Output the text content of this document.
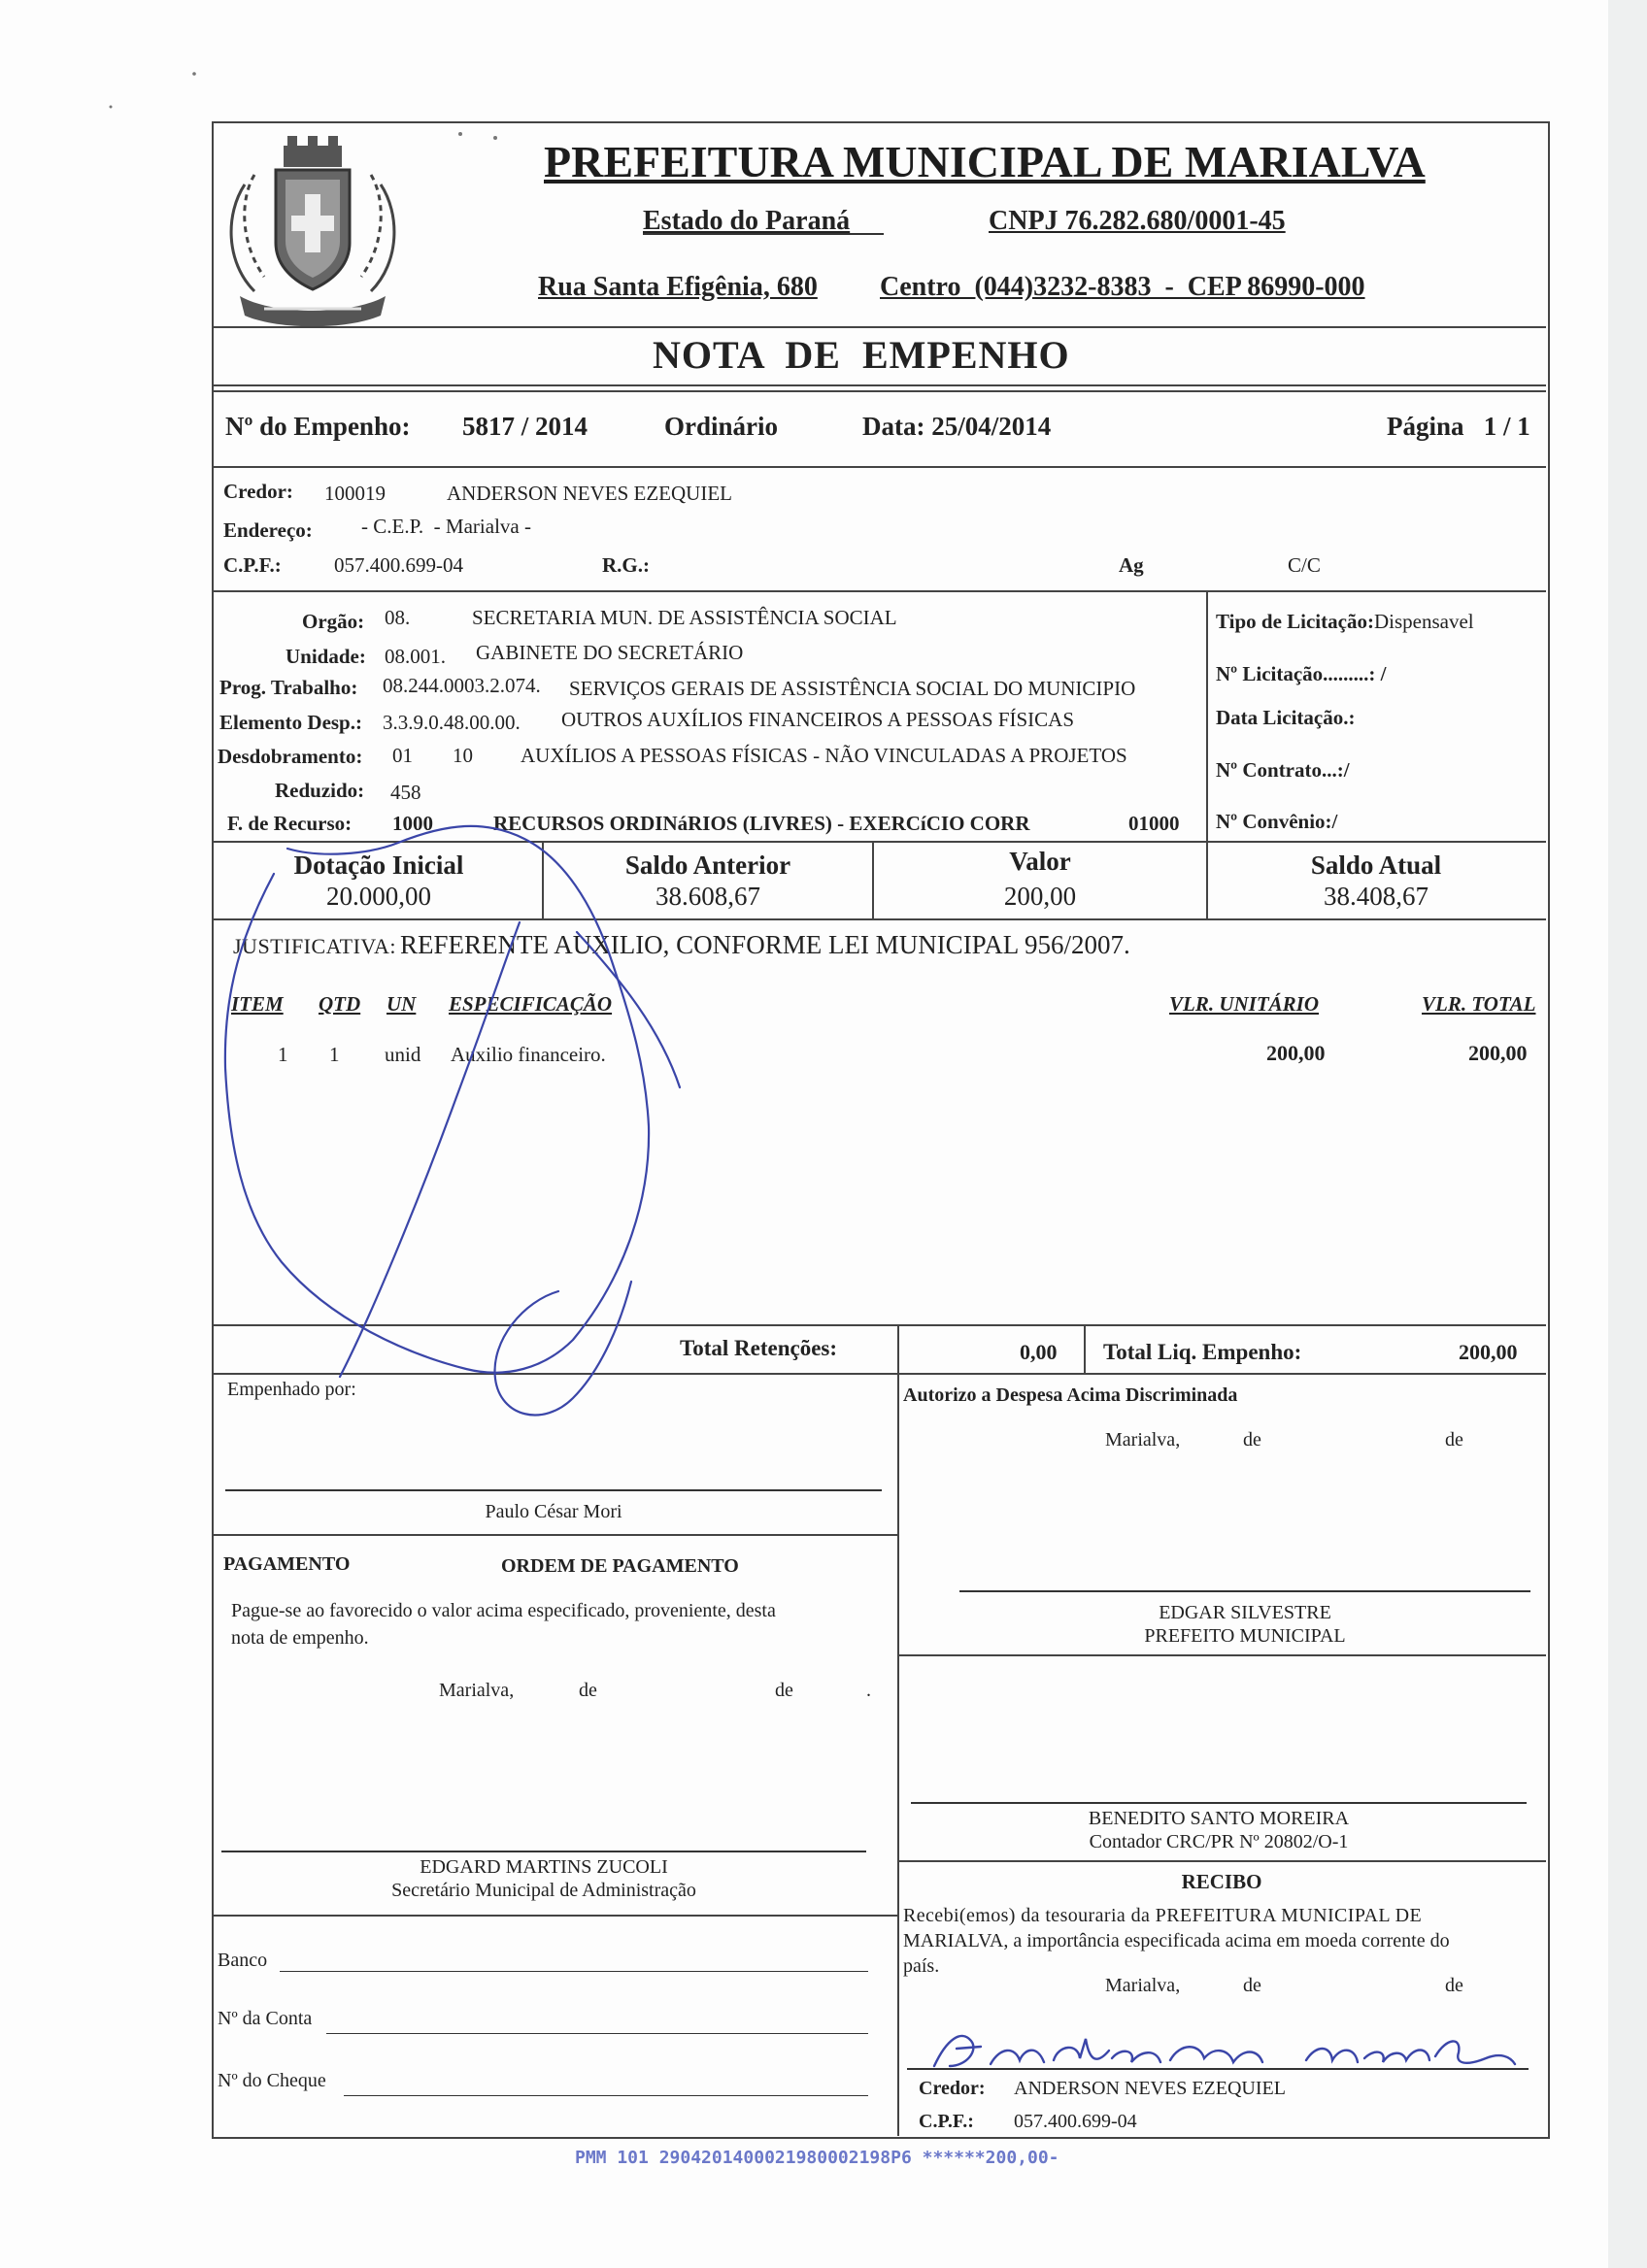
PREFEITURA MUNICIPAL DE MARIALVA
Estado do Paraná	CNPJ 76.282.680/0001-45
Rua Santa Efigênia, 680 Centro  (044)3232-8383  -  CEP 86990-000
NOTA  DE  EMPENHO
Nº do Empenho: 5817 / 2014	Ordinário	Data: 25/04/2014	Página   1 / 1
Credor: 100019	ANDERSON NEVES EZEQUIEL
Endereço: - C.E.P.  - Marialva -
C.P.F.:	057.400.699-04	R.G.:	Ag	C/C
Orgão: 08.	SECRETARIA MUN. DE ASSISTÊNCIA SOCIAL
Unidade: 08.001. GABINETE DO SECRETÁRIO
Prog. Trabalho: 08.244.0003.2.074. SERVIÇOS GERAIS DE ASSISTÊNCIA SOCIAL DO MUNICIPIO
Elemento Desp.: 3.3.9.0.48.00.00. OUTROS AUXÍLIOS FINANCEIROS A PESSOAS FÍSICAS
Desdobramento: 01 10 AUXÍLIOS A PESSOAS FÍSICAS - NÃO VINCULADAS A PROJETOS
Reduzido: 458
F. de Recurso: 1000	RECURSOS ORDINáRIOS (LIVRES) - EXERCíCIO CORR	01000
Tipo de Licitação:Dispensavel
Nº Licitação.........: /
Data Licitação.:
Nº Contrato...:/
Nº Convênio:/
Dotação Inicial
20.000,00
Saldo Anterior
38.608,67
Valor
200,00
Saldo Atual
38.408,67
JUSTIFICATIVA: REFERENTE AUXILIO, CONFORME LEI MUNICIPAL 956/2007.
ITEM QTD UN ESPECIFICAÇÃO	VLR. UNITÁRIO	VLR. TOTAL
1 1 unid Auxilio financeiro.	200,00	200,00
Total Retenções:	0,00 Total Liq. Empenho:	200,00
Empenhado por:
Paulo César Mori
Autorizo a Despesa Acima Discriminada
Marialva,	de	de
EDGAR SILVESTRE
PREFEITO MUNICIPAL
PAGAMENTO	ORDEM DE PAGAMENTO
Pague-se ao favorecido o valor acima especificado, proveniente, desta
nota de empenho.
Marialva,	de	de	.
EDGARD MARTINS ZUCOLI
Secretário Municipal de Administração
BENEDITO SANTO MOREIRA
Contador CRC/PR Nº 20802/O-1
RECIBO
Recebi(emos) da tesouraria da PREFEITURA MUNICIPAL DE
MARIALVA, a importância especificada acima em moeda corrente do
país.
Marialva,	de	de
Credor: ANDERSON NEVES EZEQUIEL
C.P.F.: 057.400.699-04
Banco
Nº da Conta
Nº do Cheque
PMM 101 2904201400021980002198P6 ******200,00-
